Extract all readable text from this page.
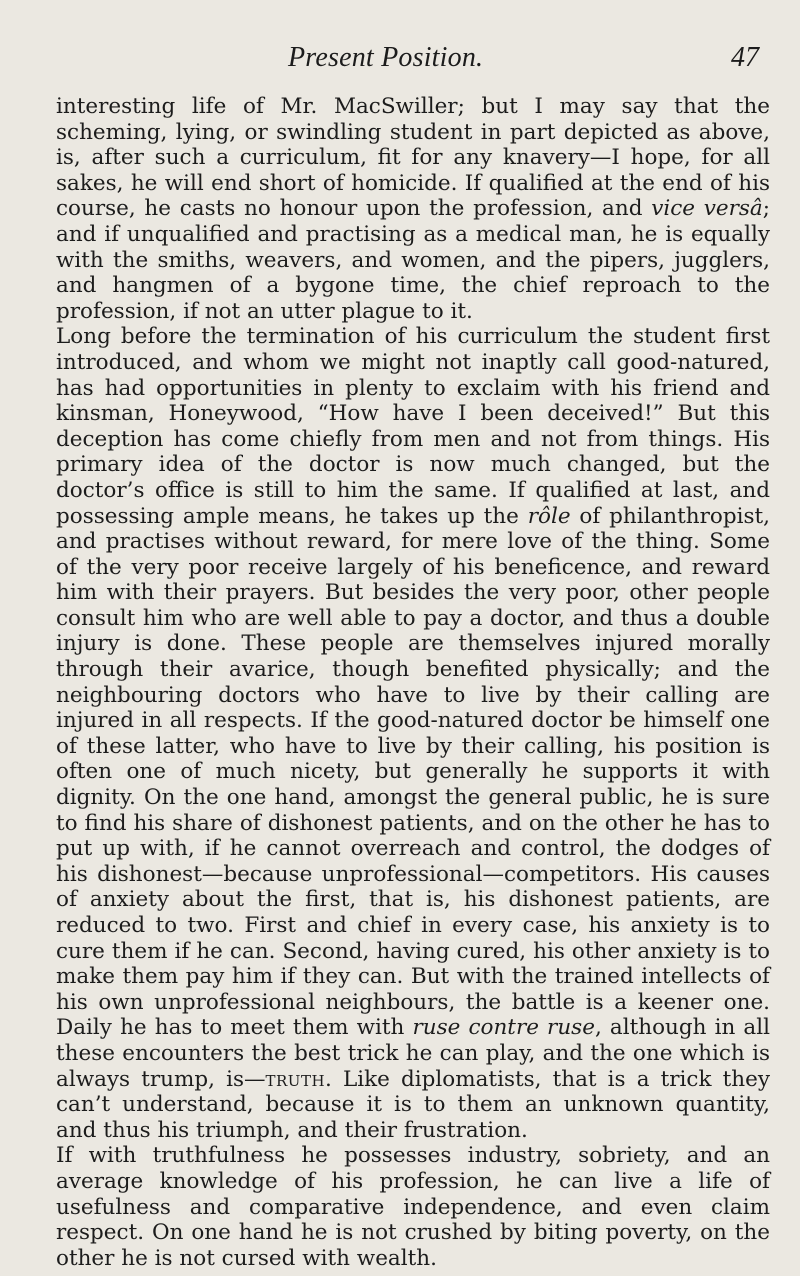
Present Position.	47

interesting life of Mr. MacSwiller; but I may say that the scheming, lying, or swindling student in part depicted as above, is, after such a curriculum, fit for any knavery—I hope, for all sakes, he will end short of homicide. If qualified at the end of his course, he casts no honour upon the profession, and vice versâ; and if unqualified and practising as a medical man, he is equally with the smiths, weavers, and women, and the pipers, jugglers, and hangmen of a bygone time, the chief reproach to the profession, if not an utter plague to it.

Long before the termination of his curriculum the student first introduced, and whom we might not inaptly call good-natured, has had opportunities in plenty to exclaim with his friend and kinsman, Honeywood, “How have I been deceived!” But this deception has come chiefly from men and not from things. His primary idea of the doctor is now much changed, but the doctor’s office is still to him the same. If qualified at last, and possessing ample means, he takes up the rôle of philanthropist, and practises without reward, for mere love of the thing. Some of the very poor receive largely of his beneficence, and reward him with their prayers. But besides the very poor, other people consult him who are well able to pay a doctor, and thus a double injury is done. These people are themselves injured morally through their avarice, though benefited physically; and the neighbouring doctors who have to live by their calling are injured in all respects. If the good-natured doctor be himself one of these latter, who have to live by their calling, his position is often one of much nicety, but generally he supports it with dignity. On the one hand, amongst the general public, he is sure to find his share of dishonest patients, and on the other he has to put up with, if he cannot overreach and control, the dodges of his dishonest—because unprofessional—competitors. His causes of anxiety about the first, that is, his dishonest patients, are reduced to two. First and chief in every case, his anxiety is to cure them if he can. Second, having cured, his other anxiety is to make them pay him if they can. But with the trained intellects of his own unprofessional neighbours, the battle is a keener one. Daily he has to meet them with ruse contre ruse, although in all these encounters the best trick he can play, and the one which is always trump, is—truth. Like diplomatists, that is a trick they can’t understand, because it is to them an unknown quantity, and thus his triumph, and their frustration.

If with truthfulness he possesses industry, sobriety, and an average knowledge of his profession, he can live a life of usefulness and comparative independence, and even claim respect. On one hand he is not crushed by biting poverty, on the other he is not cursed with wealth.
